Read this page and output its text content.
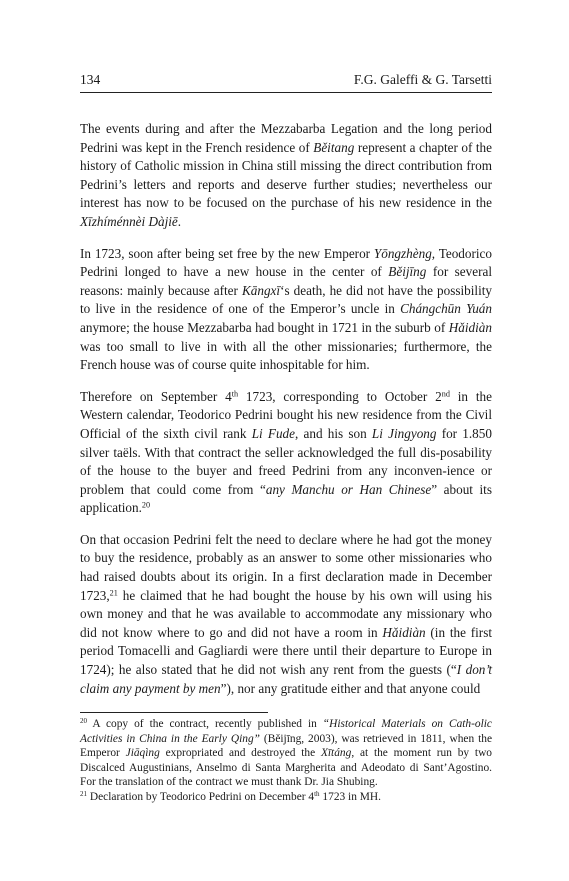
134	F.G. Galeffi & G. Tarsetti

The events during and after the Mezzabarba Legation and the long period Pedrini was kept in the French residence of Běitang represent a chapter of the history of Catholic mission in China still missing the direct contribution from Pedrini’s letters and reports and deserve further studies; nevertheless our interest has now to be focused on the purchase of his new residence in the Xīzhíménnèi Dàjiē.

In 1723, soon after being set free by the new Emperor Yōngzhèng, Teodorico Pedrini longed to have a new house in the center of Běijīng for several reasons: mainly because after Kāngxī‘s death, he did not have the possibility to live in the residence of one of the Emperor’s uncle in Chángchūn Yuán anymore; the house Mezzabarba had bought in 1721 in the suburb of Hǎidiàn was too small to live in with all the other missionaries; furthermore, the French house was of course quite inhospitable for him.

Therefore on September 4th 1723, corresponding to October 2nd in the Western calendar, Teodorico Pedrini bought his new residence from the Civil Official of the sixth civil rank Li Fude, and his son Li Jingyong for 1.850 silver taëls. With that contract the seller acknowledged the full dis-posability of the house to the buyer and freed Pedrini from any inconven-ience or problem that could come from “any Manchu or Han Chinese” about its application.$^{20}$

On that occasion Pedrini felt the need to declare where he had got the money to buy the residence, probably as an answer to some other missionaries who had raised doubts about its origin. In a first declaration made in December 1723,21 he claimed that he had bought the house by his own will using his own money and that he was available to accommodate any missionary who did not know where to go and did not have a room in Hǎidiàn (in the first period Tomacelli and Gagliardi were there until their departure to Europe in 1724); he also stated that he did not wish any rent from the guests (“I don’t claim any payment by men”), nor any gratitude either and that anyone could

$^{20}$ A copy of the contract, recently published in “Historical Materials on Cath-olic Activities in China in the Early Qing” (Běijīng, 2003), was retrieved in 1811, when the Emperor Jiāqìng expropriated and destroyed the Xītáng, at the moment run by two Discalced Augustinians, Anselmo di Santa Margherita and Adeodato di Sant’Agostino. For the translation of the contract we must thank Dr. Jia Shubing.

$^{21}$ Declaration by Teodorico Pedrini on December 4th 1723 in MH.
